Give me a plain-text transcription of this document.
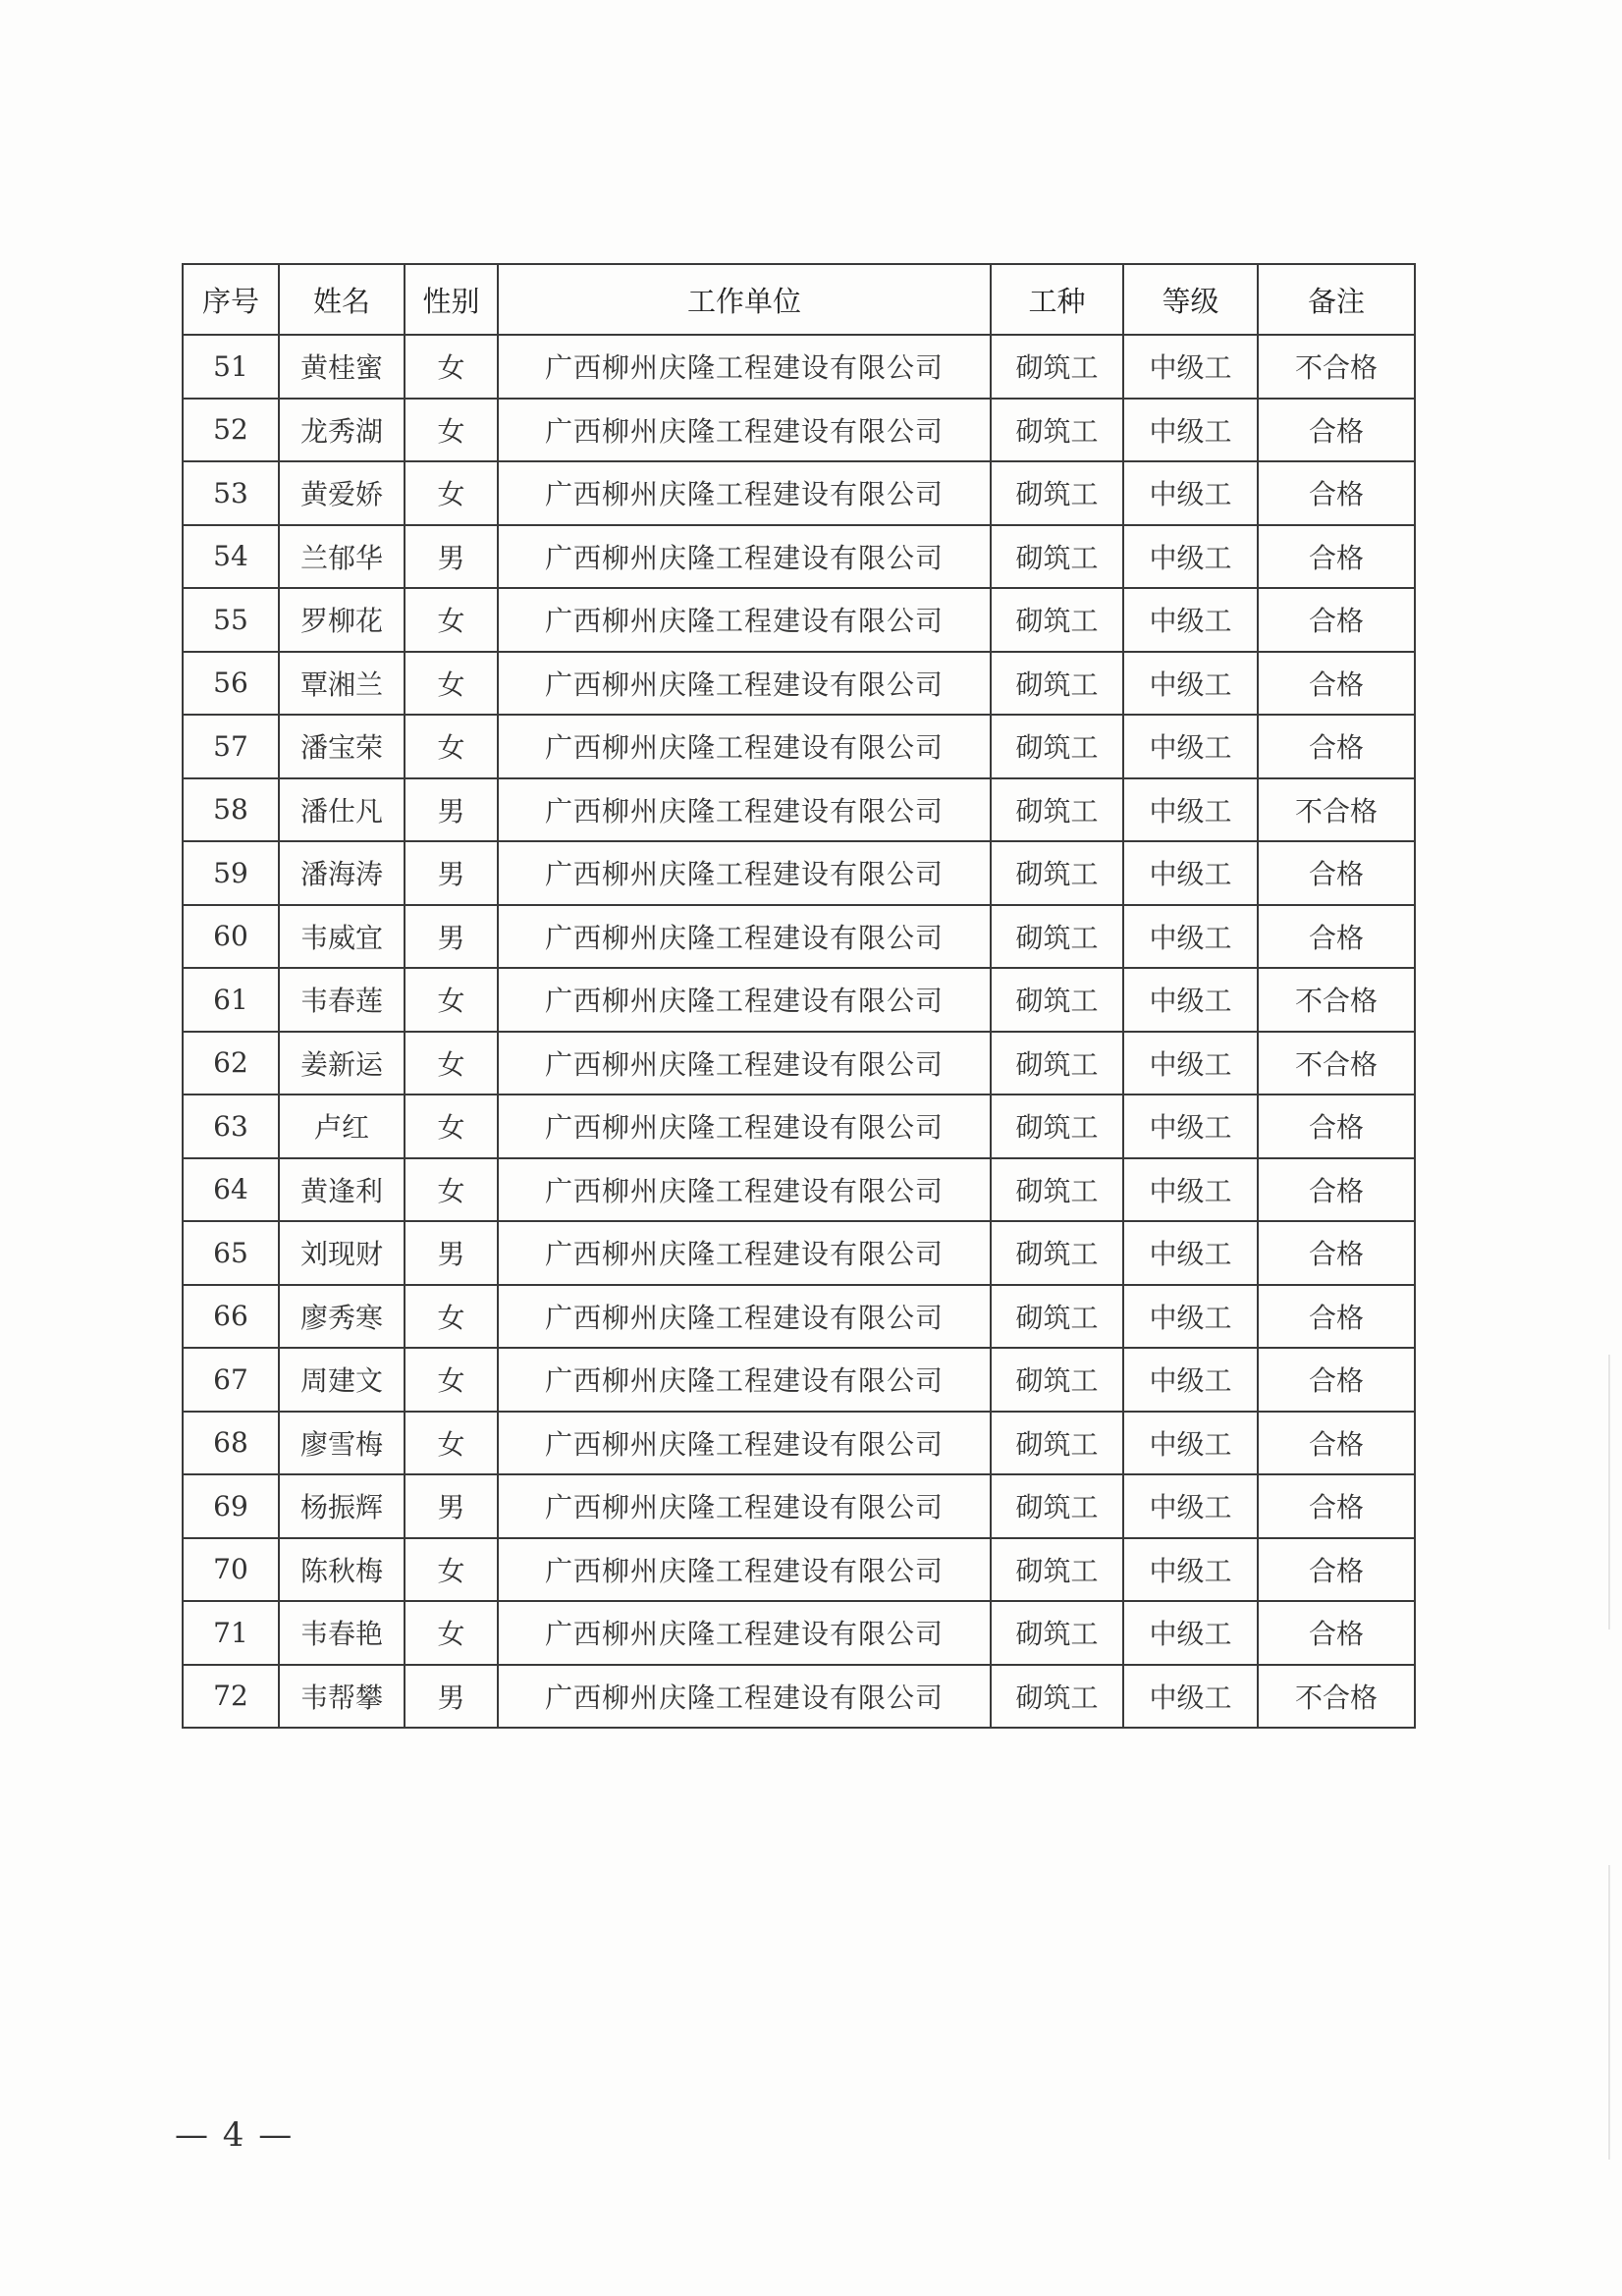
序号	姓名	性别	工作单位	工种	等级	备注
51	黄桂蜜	女	广西柳州庆隆工程建设有限公司	砌筑工	中级工	不合格
52	龙秀湖	女	广西柳州庆隆工程建设有限公司	砌筑工	中级工	合格
53	黄爱娇	女	广西柳州庆隆工程建设有限公司	砌筑工	中级工	合格
54	兰郁华	男	广西柳州庆隆工程建设有限公司	砌筑工	中级工	合格
55	罗柳花	女	广西柳州庆隆工程建设有限公司	砌筑工	中级工	合格
56	覃湘兰	女	广西柳州庆隆工程建设有限公司	砌筑工	中级工	合格
57	潘宝荣	女	广西柳州庆隆工程建设有限公司	砌筑工	中级工	合格
58	潘仕凡	男	广西柳州庆隆工程建设有限公司	砌筑工	中级工	不合格
59	潘海涛	男	广西柳州庆隆工程建设有限公司	砌筑工	中级工	合格
60	韦威宜	男	广西柳州庆隆工程建设有限公司	砌筑工	中级工	合格
61	韦春莲	女	广西柳州庆隆工程建设有限公司	砌筑工	中级工	不合格
62	姜新运	女	广西柳州庆隆工程建设有限公司	砌筑工	中级工	不合格
63	卢红	女	广西柳州庆隆工程建设有限公司	砌筑工	中级工	合格
64	黄逢利	女	广西柳州庆隆工程建设有限公司	砌筑工	中级工	合格
65	刘现财	男	广西柳州庆隆工程建设有限公司	砌筑工	中级工	合格
66	廖秀寒	女	广西柳州庆隆工程建设有限公司	砌筑工	中级工	合格
67	周建文	女	广西柳州庆隆工程建设有限公司	砌筑工	中级工	合格
68	廖雪梅	女	广西柳州庆隆工程建设有限公司	砌筑工	中级工	合格
69	杨振辉	男	广西柳州庆隆工程建设有限公司	砌筑工	中级工	合格
70	陈秋梅	女	广西柳州庆隆工程建设有限公司	砌筑工	中级工	合格
71	韦春艳	女	广西柳州庆隆工程建设有限公司	砌筑工	中级工	合格
72	韦帮攀	男	广西柳州庆隆工程建设有限公司	砌筑工	中级工	不合格
— 4 —
